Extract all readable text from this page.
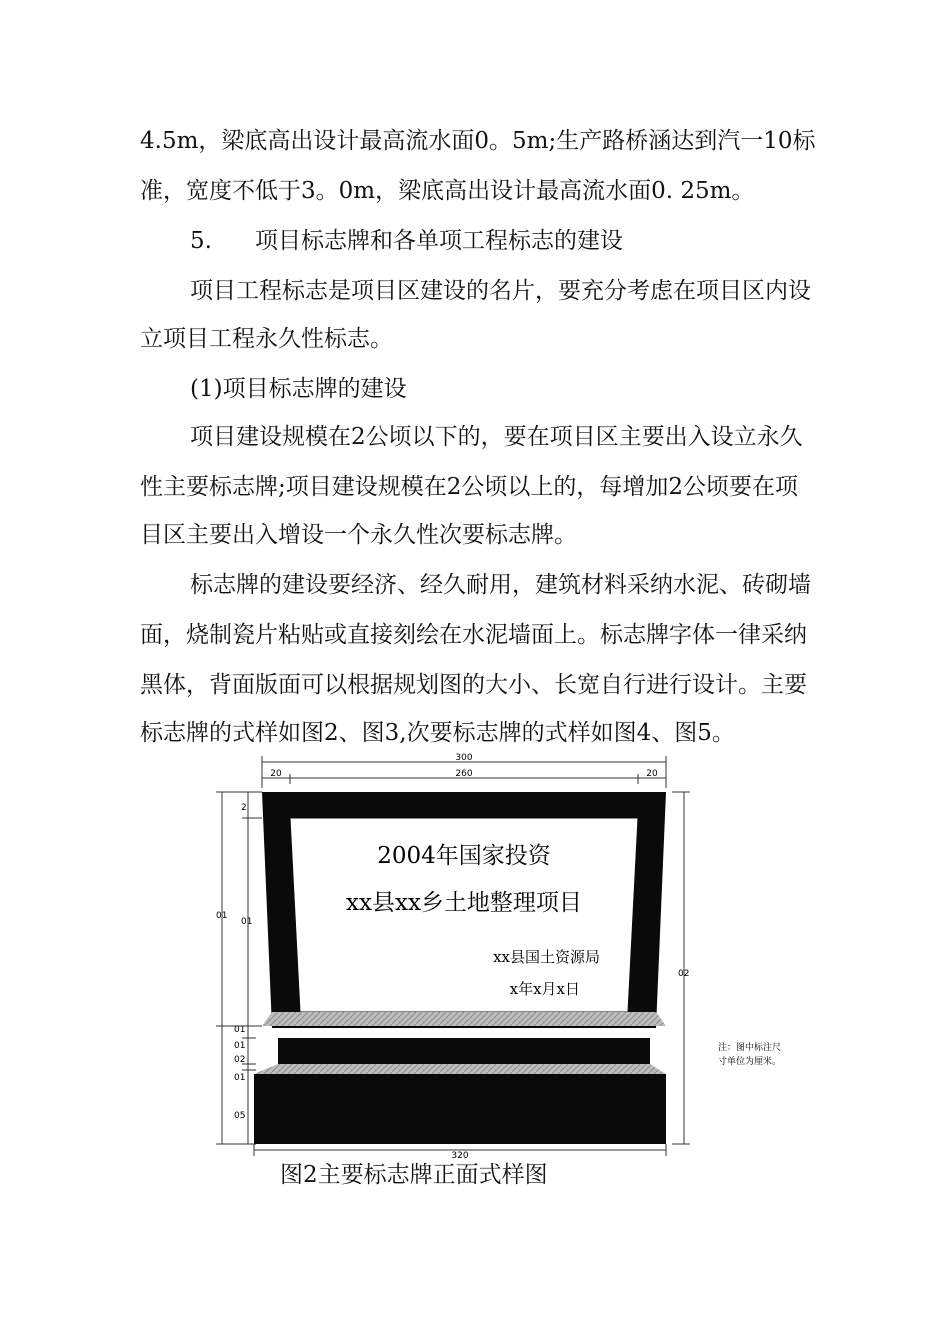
4.5m，梁底高出设计最高流水面0。5m;生产路桥涵达到汽一10标
准，宽度不低于3。0m，梁底高出设计最高流水面0. 25m。
5. 项目标志牌和各单项工程标志的建设
项目工程标志是项目区建设的名片，要充分考虑在项目区内设
立项目工程永久性标志。
(1)项目标志牌的建设
项目建设规模在2公顷以下的，要在项目区主要出入设立永久
性主要标志牌;项目建设规模在2公顷以上的，每增加2公顷要在项
目区主要出入增设一个永久性次要标志牌。
标志牌的建设要经济、经久耐用，建筑材料采纳水泥、砖砌墙
面，烧制瓷片粘贴或直接刻绘在水泥墙面上。标志牌字体一律采纳
黑体，背面版面可以根据规划图的大小、长宽自行进行设计。主要
标志牌的式样如图2、图3,次要标志牌的式样如图4、图5。
300
20	260	20
01
2
01
01
01
02
01
05
02
2004年国家投资
xx县xx乡土地整理项目
xx县国土资源局
x年x月x日
320
注：图中标注尺
寸单位为厘米。
图2主要标志牌正面式样图
